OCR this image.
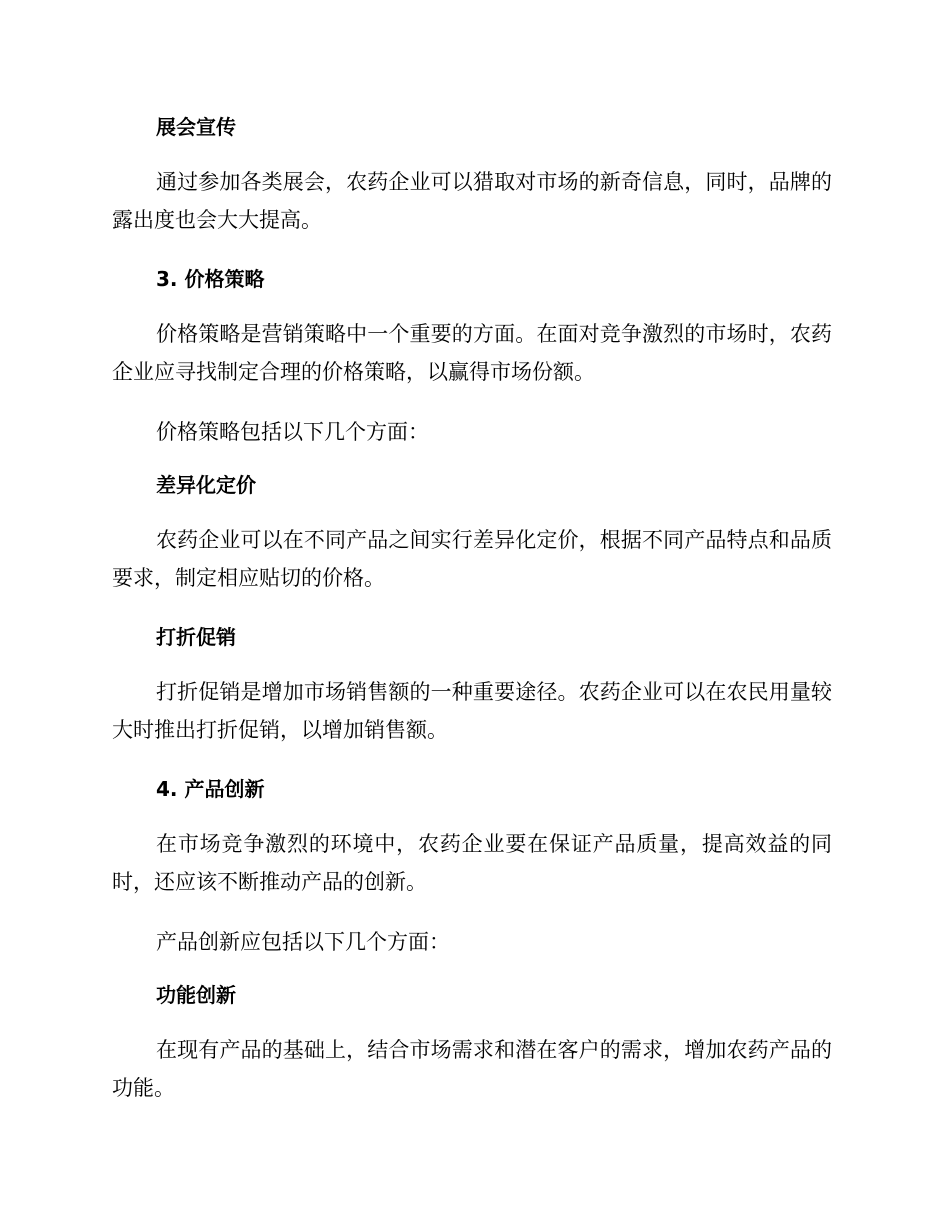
展会宣传

通过参加各类展会，农药企业可以猎取对市场的新奇信息，同时，品牌的露出度也会大大提高。

3. 价格策略

价格策略是营销策略中一个重要的方面。在面对竞争激烈的市场时，农药企业应寻找制定合理的价格策略，以赢得市场份额。

价格策略包括以下几个方面：

差异化定价

农药企业可以在不同产品之间实行差异化定价，根据不同产品特点和品质要求，制定相应贴切的价格。

打折促销

打折促销是增加市场销售额的一种重要途径。农药企业可以在农民用量较大时推出打折促销，以增加销售额。

4. 产品创新

在市场竞争激烈的环境中，农药企业要在保证产品质量，提高效益的同时，还应该不断推动产品的创新。

产品创新应包括以下几个方面：

功能创新

在现有产品的基础上，结合市场需求和潜在客户的需求，增加农药产品的功能。
